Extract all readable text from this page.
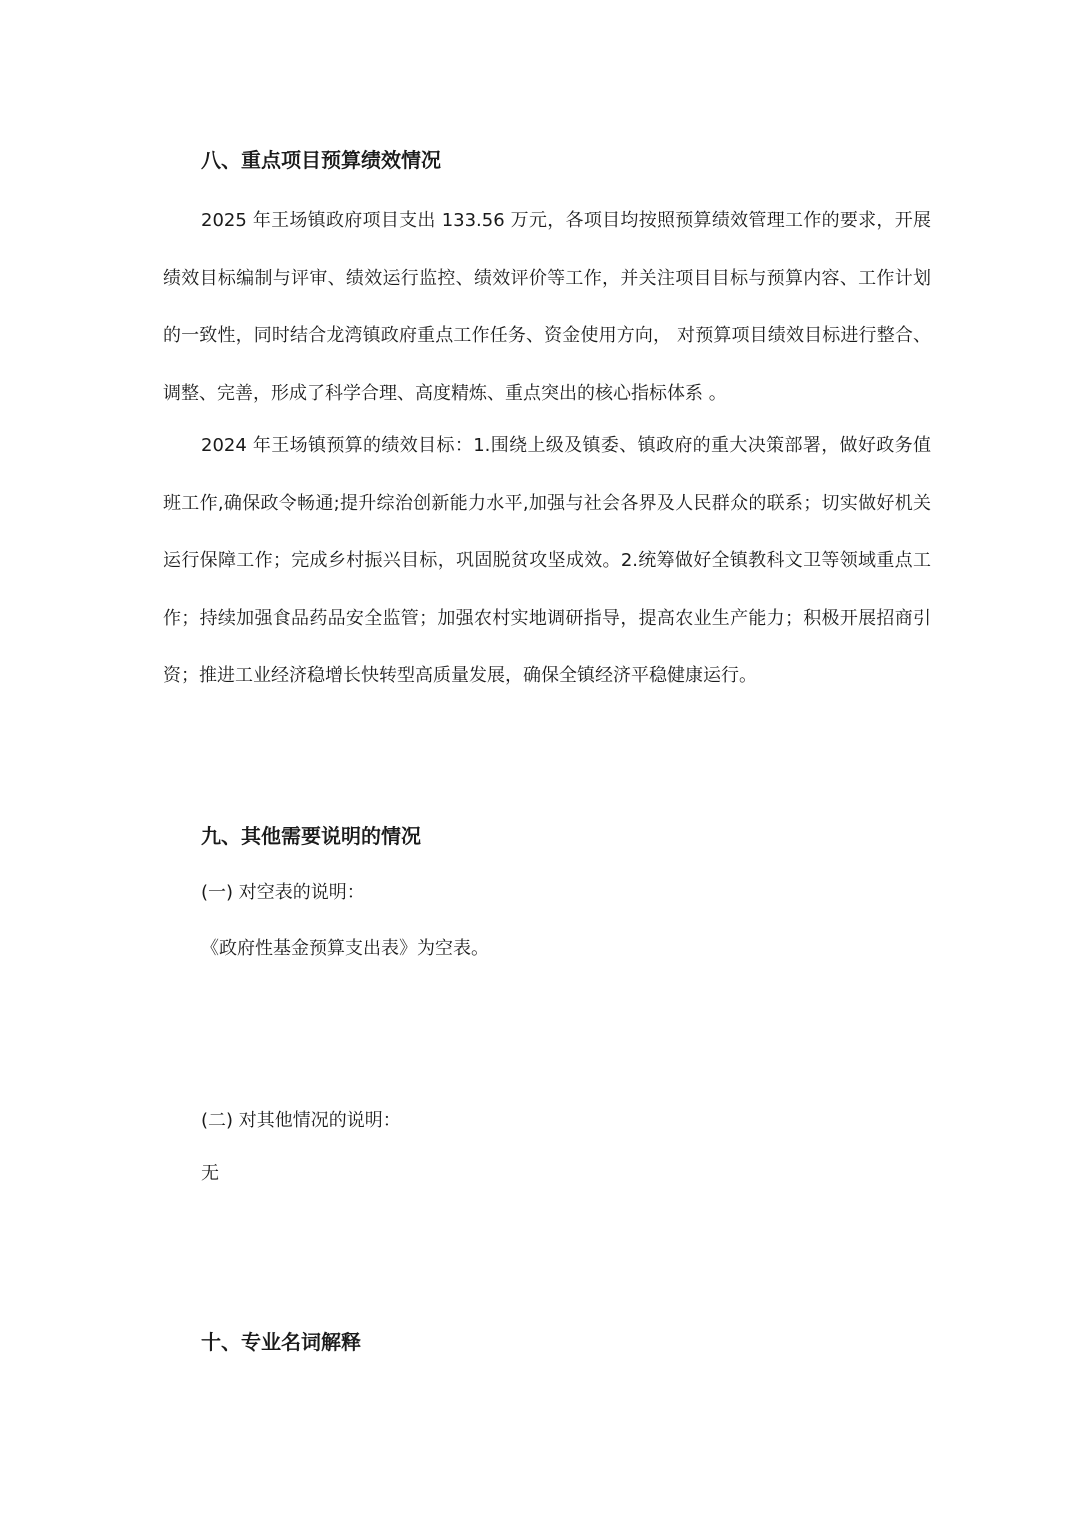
八、重点项目预算绩效情况

2025 年王场镇政府项目支出 133.56 万元，各项目均按照预算绩效管理工作的要求，开展绩效目标编制与评审、绩效运行监控、绩效评价等工作，并关注项目目标与预算内容、工作计划的一致性，同时结合龙湾镇政府重点工作任务、资金使用方向， 对预算项目绩效目标进行整合、调整、完善，形成了科学合理、高度精炼、重点突出的核心指标体系 。

2024 年王场镇预算的绩效目标：1.围绕上级及镇委、镇政府的重大决策部署，做好政务值班工作,确保政令畅通;提升综治创新能力水平,加强与社会各界及人民群众的联系；切实做好机关运行保障工作；完成乡村振兴目标，巩固脱贫攻坚成效。2.统筹做好全镇教科文卫等领域重点工作；持续加强食品药品安全监管；加强农村实地调研指导，提高农业生产能力；积极开展招商引资；推进工业经济稳增长快转型高质量发展，确保全镇经济平稳健康运行。

九、其他需要说明的情况
(一) 对空表的说明：
《政府性基金预算支出表》为空表。
(二) 对其他情况的说明：
无
十、专业名词解释
